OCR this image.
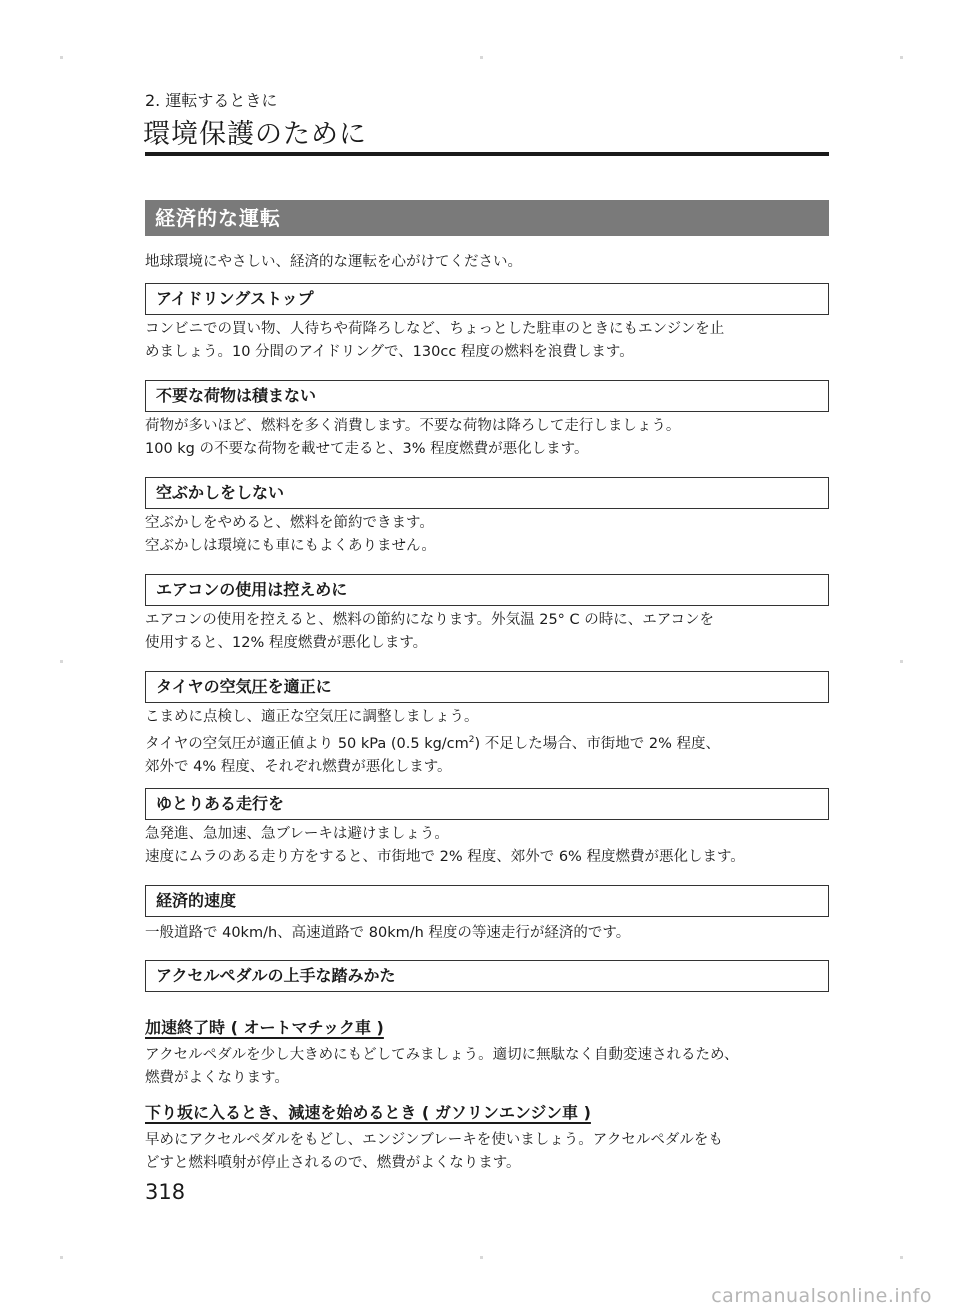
2. 運転するときに
環境保護のために
経済的な運転
地球環境にやさしい、経済的な運転を心がけてください。
アイドリングストップ
コンビニでの買い物、人待ちや荷降ろしなど、ちょっとした駐車のときにもエンジンを止
めましょう。10 分間のアイドリングで、130cc 程度の燃料を浪費します。
不要な荷物は積まない
荷物が多いほど、燃料を多く消費します。不要な荷物は降ろして走行しましょう。
100 kg の不要な荷物を載せて走ると、3% 程度燃費が悪化します。
空ぶかしをしない
空ぶかしをやめると、燃料を節約できます。
空ぶかしは環境にも車にもよくありません。
エアコンの使用は控えめに
エアコンの使用を控えると、燃料の節約になります。外気温 25° C の時に、エアコンを
使用すると、12% 程度燃費が悪化します。
タイヤの空気圧を適正に
こまめに点検し、適正な空気圧に調整しましょう。
タイヤの空気圧が適正値より 50 kPa (0.5 $kg/cm^2$) 不足した場合、市街地で 2% 程度、
郊外で 4% 程度、それぞれ燃費が悪化します。
ゆとりある走行を
急発進、急加速、急ブレーキは避けましょう。
速度にムラのある走り方をすると、市街地で 2% 程度、郊外で 6% 程度燃費が悪化します。
経済的速度
一般道路で 40km/h、高速道路で 80km/h 程度の等速走行が経済的です。
アクセルペダルの上手な踏みかた
加速終了時 ( オートマチック車 )
アクセルペダルを少し大きめにもどしてみましょう。適切に無駄なく自動変速されるため、
燃費がよくなります。
下り坂に入るとき、減速を始めるとき ( ガソリンエンジン車 )
早めにアクセルペダルをもどし、エンジンブレーキを使いましょう。アクセルペダルをも
どすと燃料噴射が停止されるので、燃費がよくなります。
318
carmanualsonline.info
